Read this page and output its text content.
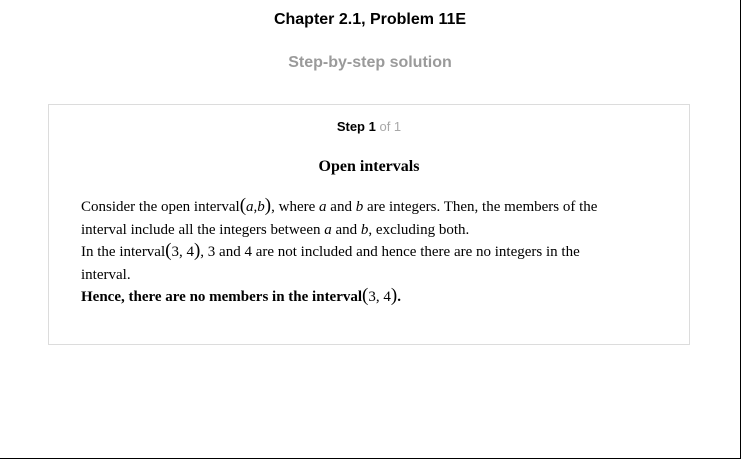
Chapter 2.1, Problem 11E
Step-by-step solution
Step 1 of 1
Open intervals
Consider the open interval(a,b), where a and b are integers. Then, the members of the
interval include all the integers between a and b, excluding both.
In the interval(3, 4), 3 and 4 are not included and hence there are no integers in the
interval.
Hence, there are no members in the interval(3, 4).
